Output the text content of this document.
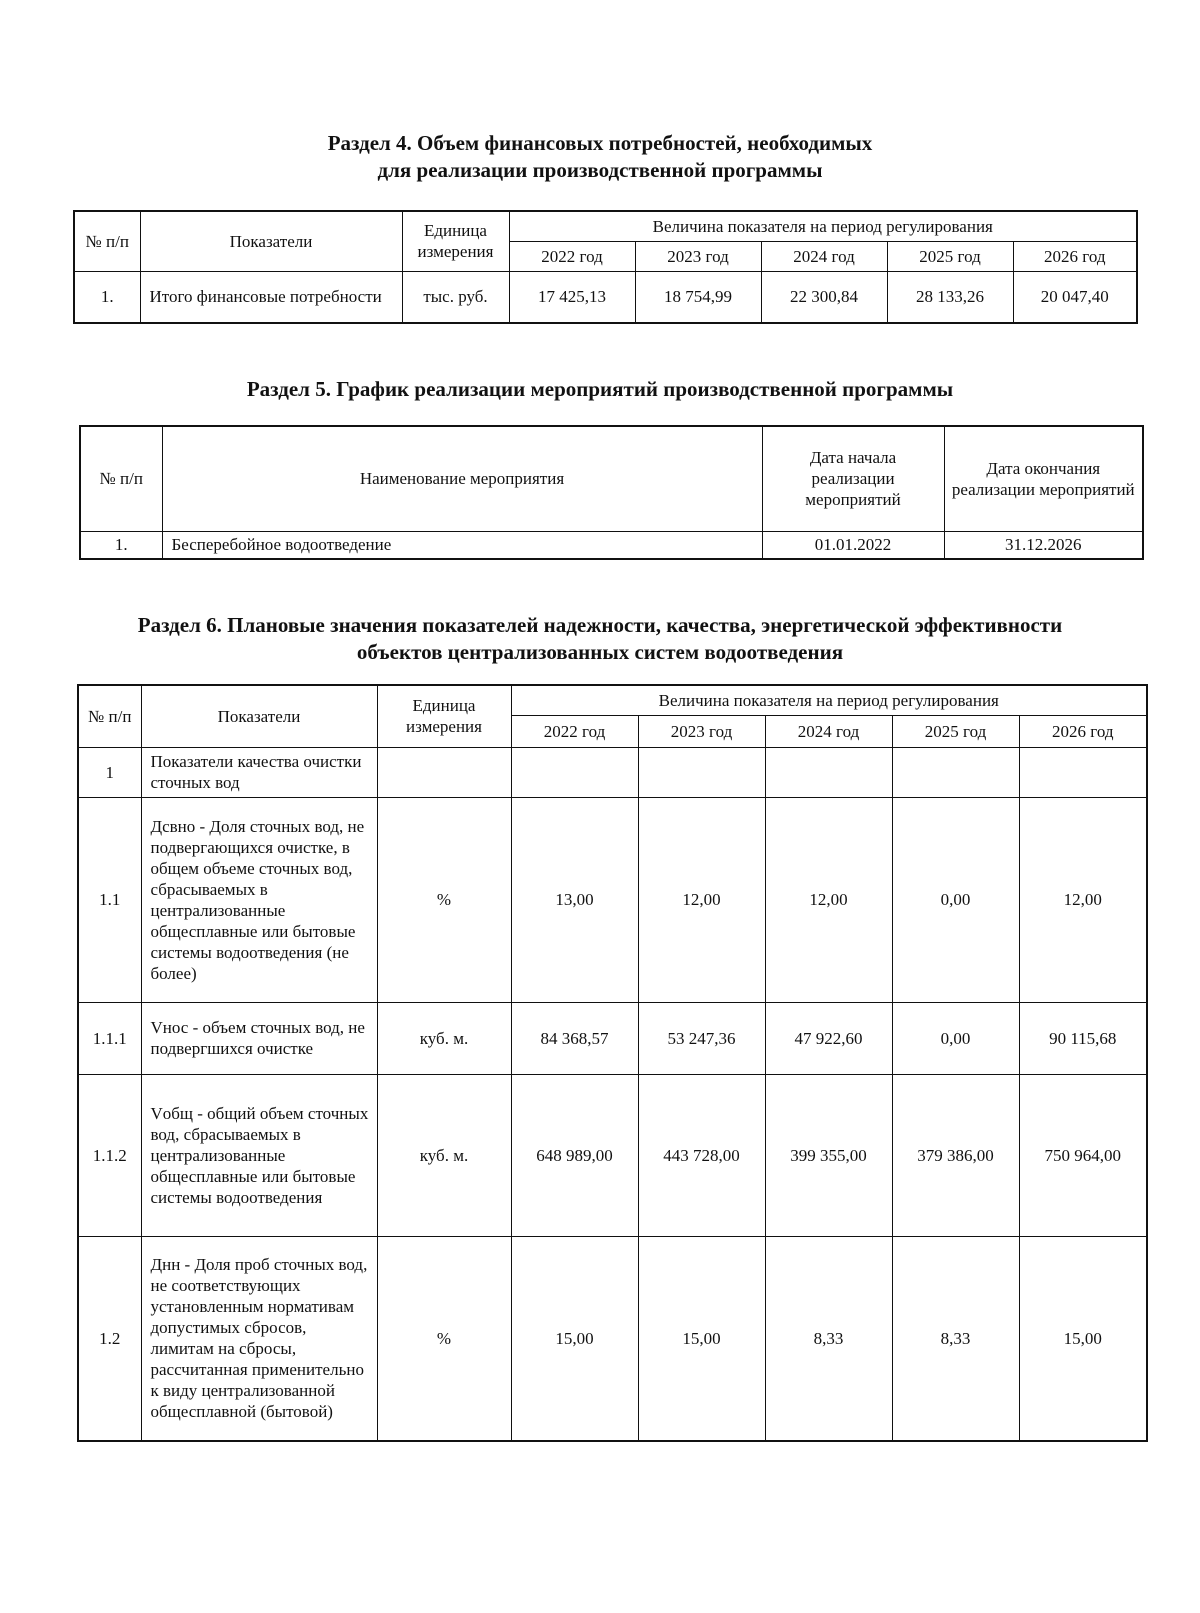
Раздел 4. Объем финансовых потребностей, необходимых
для реализации производственной программы
№ п/п	Показатели	Единица измерения	Величина показателя на период регулирования				
			2022 год	2023 год	2024 год	2025 год	2026 год
1.	Итого финансовые потребности	тыс. руб.	17 425,13	18 754,99	22 300,84	28 133,26	20 047,40
Раздел 5. График реализации мероприятий производственной программы
№ п/п	Наименование мероприятия	Дата начала реализации мероприятий	Дата окончания реализации мероприятий
1.	Бесперебойное водоотведение	01.01.2022	31.12.2026
Раздел 6. Плановые значения показателей надежности, качества, энергетической эффективности
объектов централизованных систем водоотведения
№ п/п	Показатели	Единица измерения	Величина показателя на период регулирования				
			2022 год	2023 год	2024 год	2025 год	2026 год
1	Показатели качества очистки сточных вод						
1.1	Дсвно - Доля сточных вод, не подвергающихся очистке, в общем объеме сточных вод, сбрасываемых в централизованные общесплавные или бытовые системы водоотведения (не более)	%	13,00	12,00	12,00	0,00	12,00
1.1.1	Vнос - объем сточных вод, не подвергшихся очистке	куб. м.	84 368,57	53 247,36	47 922,60	0,00	90 115,68
1.1.2	Vобщ - общий объем сточных вод, сбрасываемых в централизованные общесплавные или бытовые системы водоотведения	куб. м.	648 989,00	443 728,00	399 355,00	379 386,00	750 964,00
1.2	Днн - Доля проб сточных вод, не соответствующих установленным нормативам допустимых сбросов, лимитам на сбросы, рассчитанная применительно к виду централизованной общесплавной (бытовой)	%	15,00	15,00	8,33	8,33	15,00
